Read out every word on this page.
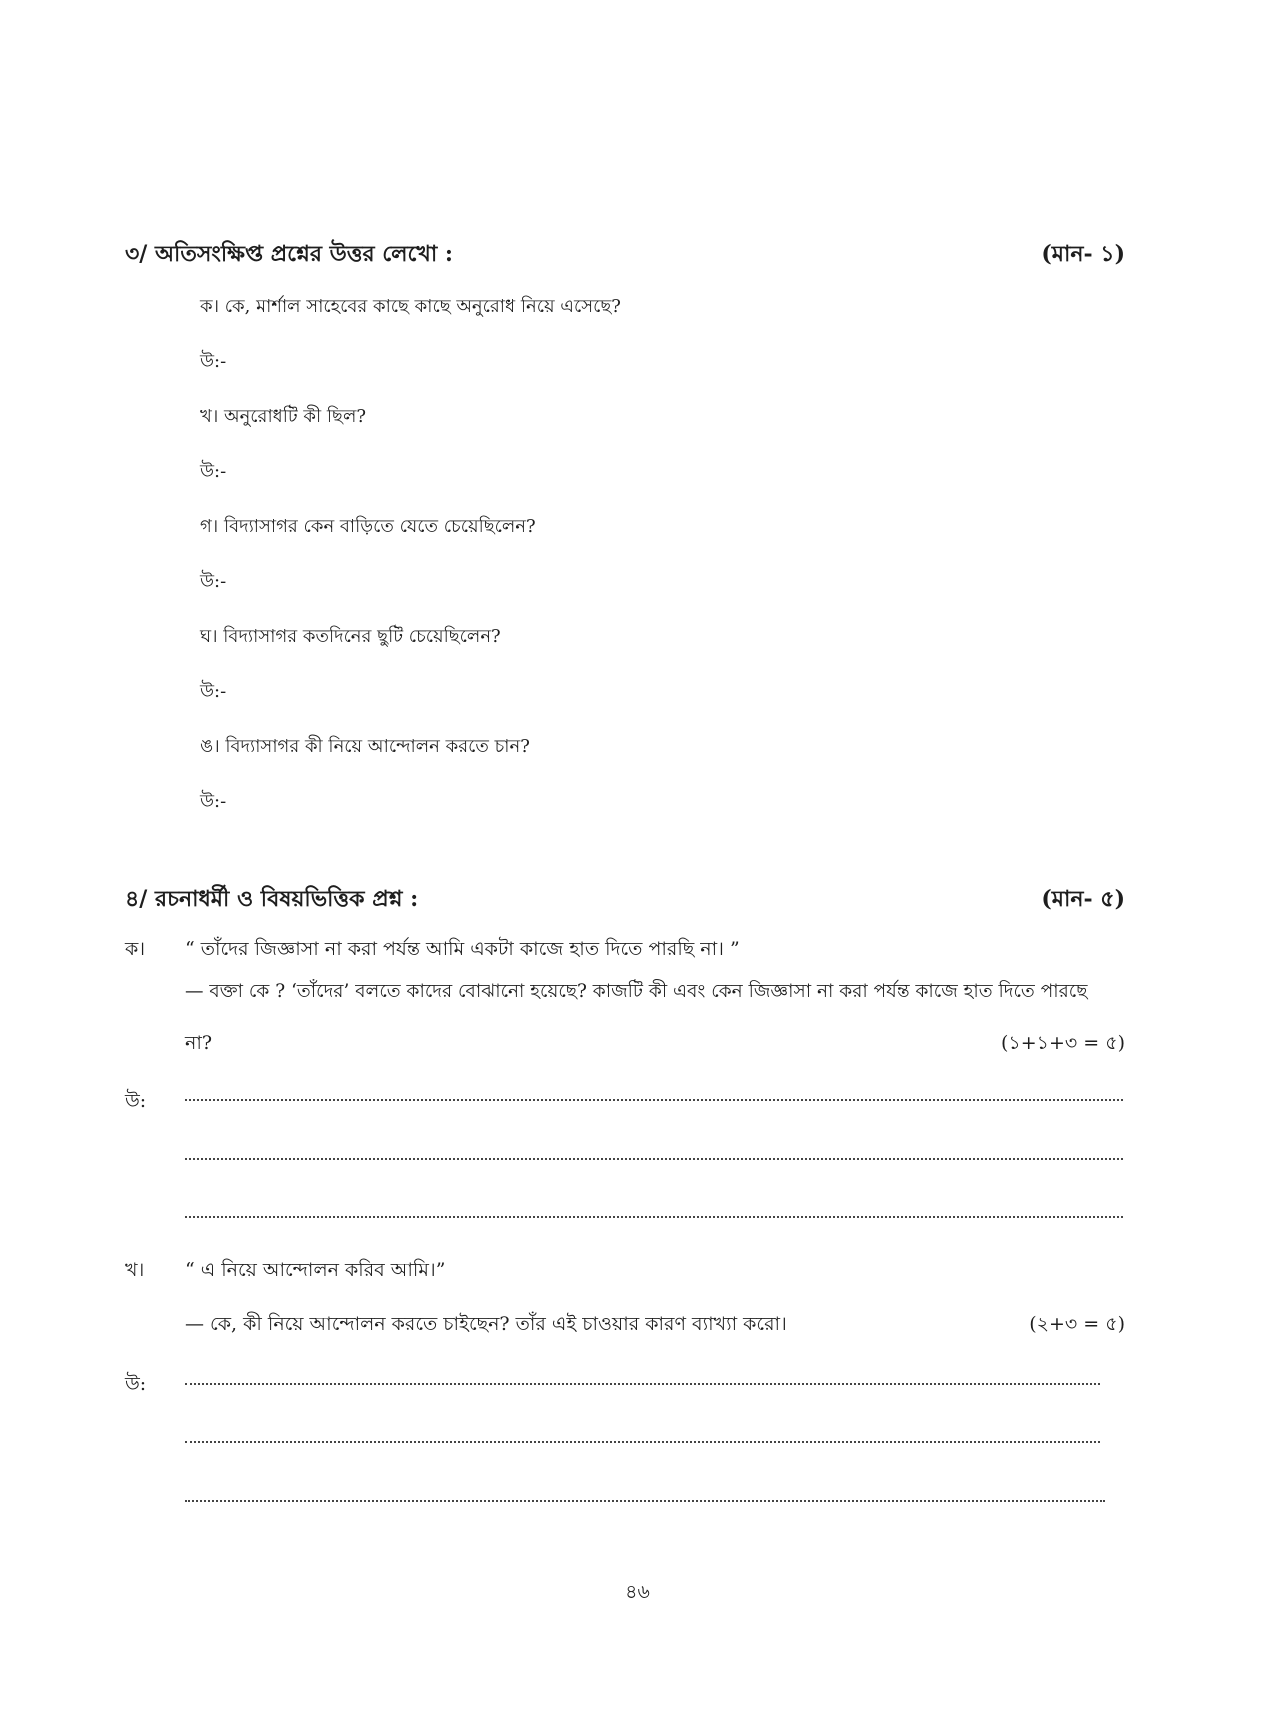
৩/ অতিসংক্ষিপ্ত প্রশ্নের উত্তর লেখো :	(মান- ১)
ক। কে, মার্শাল সাহেবের কাছে কাছে অনুরোধ নিয়ে এসেছে?
উ:-
খ। অনুরোধটি কী ছিল?
উ:-
গ। বিদ্যাসাগর কেন বাড়িতে যেতে চেয়েছিলেন?
উ:-
ঘ। বিদ্যাসাগর কতদিনের ছুটি চেয়েছিলেন?
উ:-
ঙ। বিদ্যাসাগর কী নিয়ে আন্দোলন করতে চান?
উ:-
৪/ রচনাধর্মী ও বিষয়ভিত্তিক প্রশ্ন :	(মান- ৫)
ক। “ তাঁদের জিজ্ঞাসা না করা পর্যন্ত আমি একটা কাজে হাত দিতে পারছি না। ”
— বক্তা কে ? ‘তাঁদের’ বলতে কাদের বোঝানো হয়েছে? কাজটি কী এবং কেন জিজ্ঞাসা না করা পর্যন্ত কাজে হাত দিতে পারছে
না?	(১+১+৩ = ৫)
উ:
খ। “ এ নিয়ে আন্দোলন করিব আমি।”
— কে, কী নিয়ে আন্দোলন করতে চাইছেন? তাঁর এই চাওয়ার কারণ ব্যাখ্যা করো।	(২+৩ = ৫)
উ:
৪৬
